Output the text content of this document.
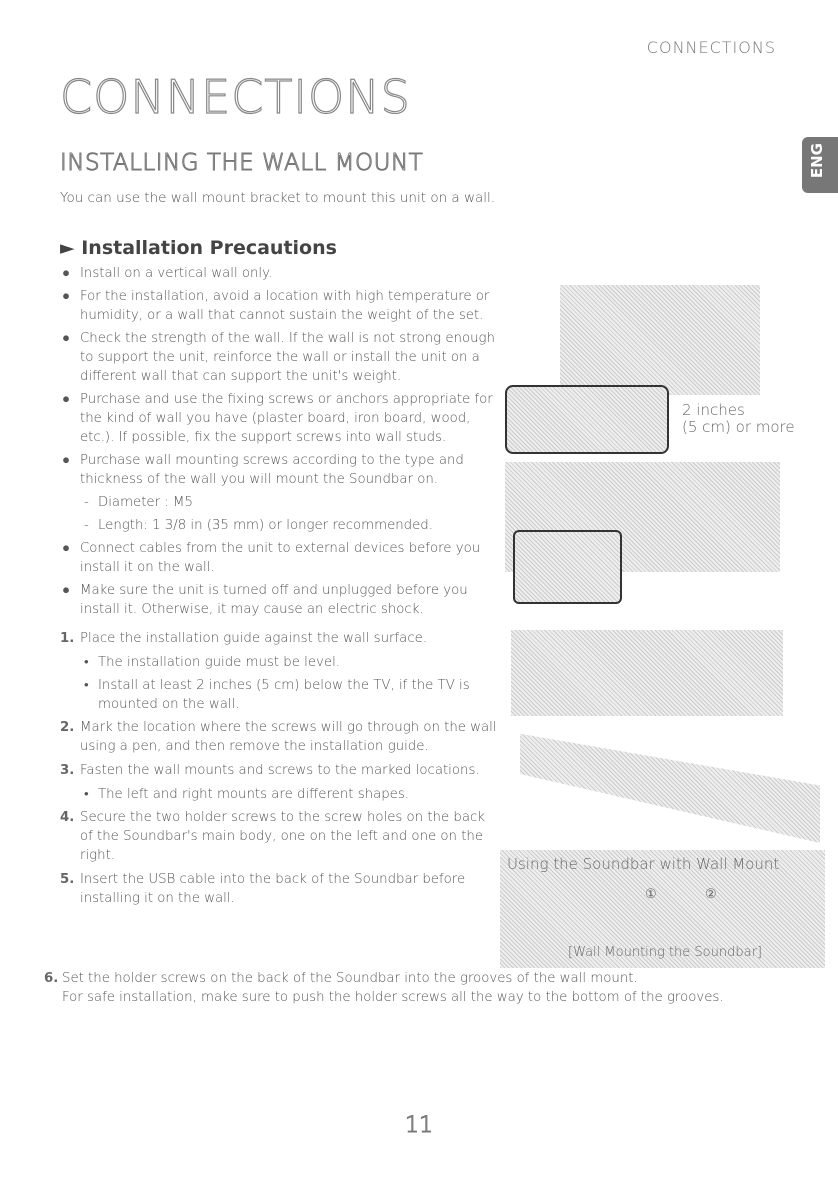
CONNECTIONS
CONNECTIONS
INSTALLING THE WALL MOUNT
You can use the wall mount bracket to mount this unit on a wall.
ENG
► Installation Precautions
● Install on a vertical wall only.
● For the installation, avoid a location with high temperature or humidity, or a wall that cannot sustain the weight of the set.
● Check the strength of the wall. If the wall is not strong enough to support the unit, reinforce the wall or install the unit on a different wall that can support the unit's weight.
● Purchase and use the fixing screws or anchors appropriate for the kind of wall you have (plaster board, iron board, wood, etc.). If possible, fix the support screws into wall studs.
● Purchase wall mounting screws according to the type and thickness of the wall you will mount the Soundbar on.
- Diameter : M5
- Length: 1 3/8 in (35 mm) or longer recommended.
● Connect cables from the unit to external devices before you install it on the wall.
● Make sure the unit is turned off and unplugged before you install it. Otherwise, it may cause an electric shock.
1. Place the installation guide against the wall surface.
• The installation guide must be level.
• Install at least 2 inches (5 cm) below the TV, if the TV is mounted on the wall.
2. Mark the location where the screws will go through on the wall using a pen, and then remove the installation guide.
3. Fasten the wall mounts and screws to the marked locations.
• The left and right mounts are different shapes.
4. Secure the two holder screws to the screw holes on the back of the Soundbar's main body, one on the left and one on the right.
5. Insert the USB cable into the back of the Soundbar before installing it on the wall.
2 inches
(5 cm) or more
Using the Soundbar with Wall Mount
①	②
[Wall Mounting the Soundbar]
6. Set the holder screws on the back of the Soundbar into the grooves of the wall mount.
For safe installation, make sure to push the holder screws all the way to the bottom of the grooves.
11
